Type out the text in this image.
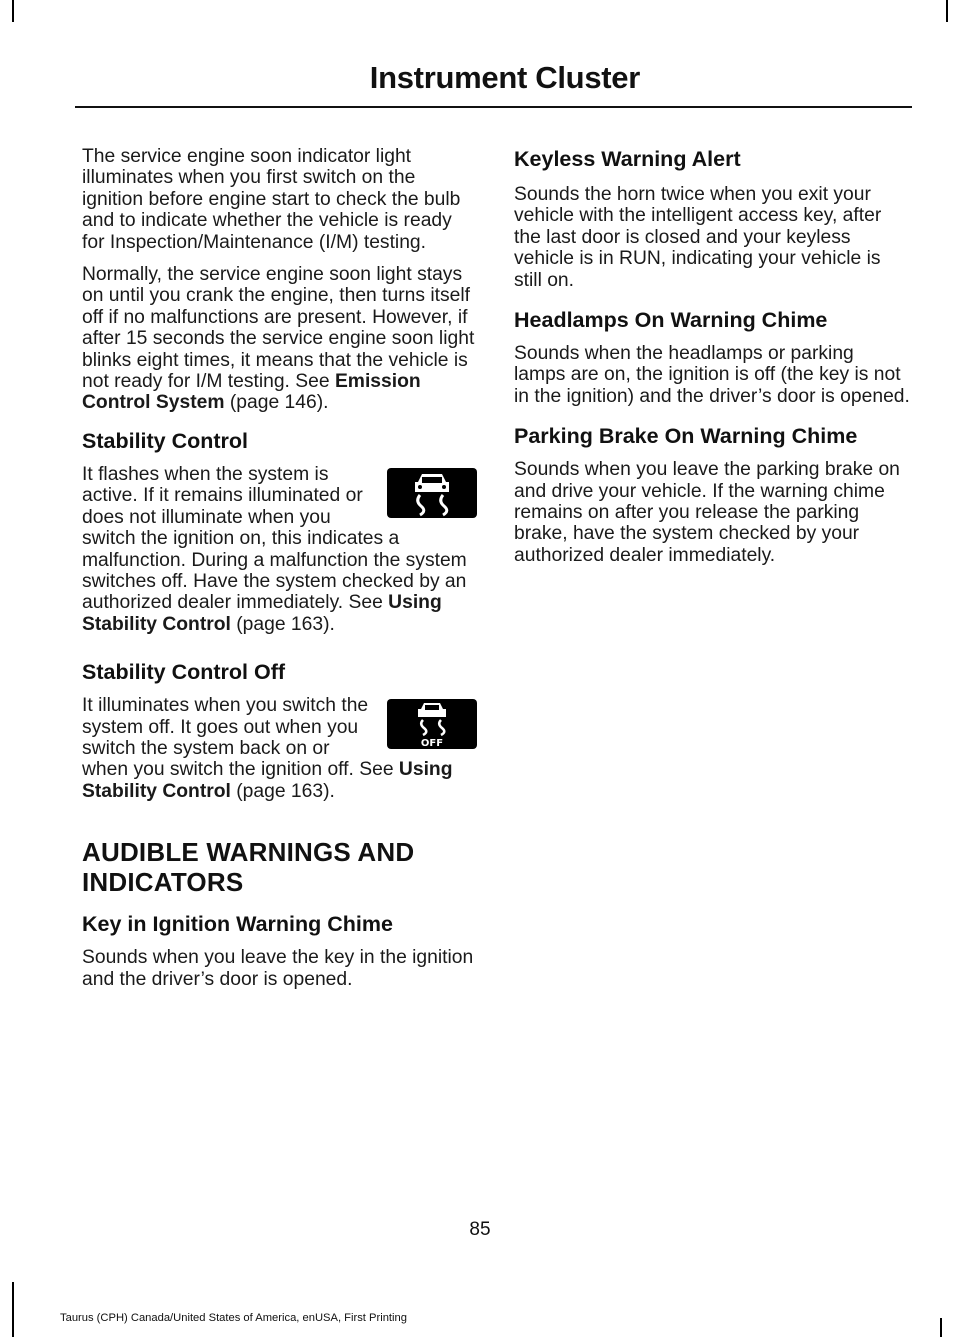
Instrument Cluster

The service engine soon indicator light illuminates when you first switch on the ignition before engine start to check the bulb and to indicate whether the vehicle is ready for Inspection/Maintenance (I/M) testing.

Normally, the service engine soon light stays on until you crank the engine, then turns itself off if no malfunctions are present. However, if after 15 seconds the service engine soon light blinks eight times, it means that the vehicle is not ready for I/M testing. See Emission Control System (page 146).

Stability Control

It flashes when the system is active. If it remains illuminated or does not illuminate when you switch the ignition on, this indicates a malfunction. During a malfunction the system switches off. Have the system checked by an authorized dealer immediately. See Using Stability Control (page 163).

Stability Control Off
OFF

It illuminates when you switch the system off. It goes out when you switch the system back on or when you switch the ignition off. See Using Stability Control (page 163).

AUDIBLE WARNINGS AND INDICATORS
Key in Ignition Warning Chime

Sounds when you leave the key in the ignition and the driver’s door is opened.

Keyless Warning Alert

Sounds the horn twice when you exit your vehicle with the intelligent access key, after the last door is closed and your keyless vehicle is in RUN, indicating your vehicle is still on.

Headlamps On Warning Chime

Sounds when the headlamps or parking lamps are on, the ignition is off (the key is not in the ignition) and the driver’s door is opened.

Parking Brake On Warning Chime

Sounds when you leave the parking brake on and drive your vehicle. If the warning chime remains on after you release the parking brake, have the system checked by your authorized dealer immediately.

85
Taurus (CPH) Canada/United States of America, enUSA, First Printing
